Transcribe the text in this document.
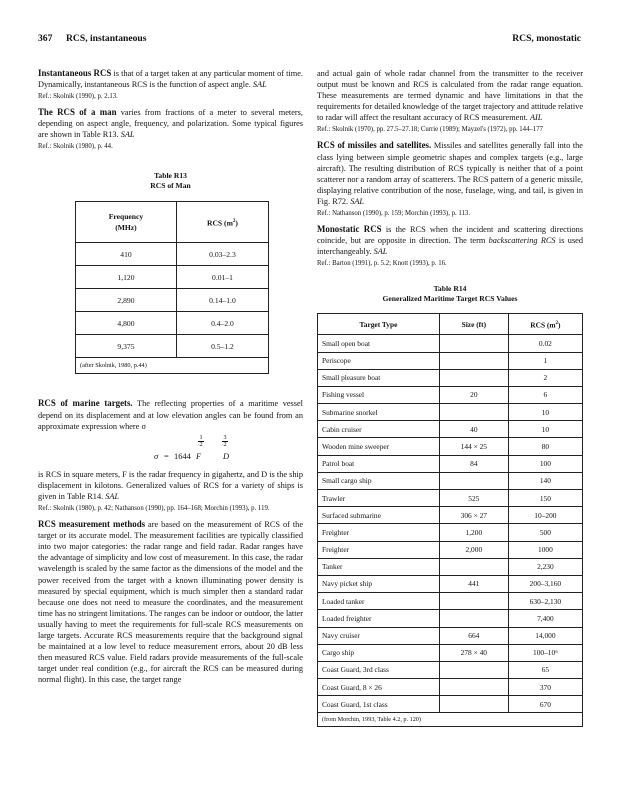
367 RCS, instantaneous	RCS, monostatic

Instantaneous RCS is that of a target taken at any particular moment of time. Dynamically, instantaneous RCS is the function of aspect angle. SAL

Ref.: Skolnik (1990), p. 2.13.

The RCS of a man varies from fractions of a meter to several meters, depending on aspect angle, frequency, and polarization. Some typical figures are shown in Table R13. SAL

Ref.: Skolnik (1980), p. 44.

Table R13
RCS of Man
Frequency
(MHz)	RCS $(m^2)$
410	0.03–2.3
1,120	0.01–1
2,890	0.14–1.0
4,800	0.4–2.0
9,375	0.5–1.2
(after Skolnik, 1980, p.44)	

RCS of marine targets. The reflecting properties of a maritime vessel depend on its displacement and at low elevation angles can be found from an approximate expression where σ

σ = 1644 F	D
1
2
3
2

is RCS in square meters, F is the radar frequency in gigahertz, and D is the ship displacement in kilotons. Generalized values of RCS for a variety of ships is given in Table R14. SAL

Ref.: Skolnik (1980), p. 42; Nathanson (1990), pp. 164–168; Morchin (1993), p. 119.

RCS measurement methods are based on the measurement of RCS of the target or its accurate model. The measurement facilities are typically classified into two major categories: the radar range and field radar. Radar ranges have the advantage of simplicity and low cost of measurement. In this case, the radar wavelength is scaled by the same factor as the dimensions of the model and the power received from the target with a known illuminating power density is measured by special equipment, which is much simpler then a standard radar because one does not need to measure the coordinates, and the measurement time has no stringent limitations. The ranges can be indoor or outdoor, the latter usually having to meet the requirements for full-scale RCS measurements on large targets. Accurate RCS measurements require that the background signal be maintained at a low level to reduce measurement errors, about 20 dB less then measured RCS value. Field radars provide measurements of the full-scale target under real condition (e.g., for aircraft the RCS can be measured during normal flight). In this case, the target range

and actual gain of whole radar channel from the transmitter to the receiver output must be known and RCS is calculated from the radar range equation. These measurements are termed dynamic and have limitations in that the requirements for detailed knowledge of the target trajectory and attitude relative to radar will affect the resultant accuracy of RCS measurement. AIL

Ref.: Skolnik (1970), pp. 27.5–27.18; Currie (1989); Mayzel's (1972), pp. 144–177

RCS of missiles and satellites. Missiles and satellites generally fall into the class lying between simple geometric shapes and complex targets (e.g., large aircraft). The resulting distribution of RCS typically is neither that of a point scatterer nor a random array of scatterers. The RCS pattern of a generic missile, displaying relative contribution of the nose, fuselage, wing, and tail, is given in Fig. R72. SAL

Ref.: Nathanson (1990), p. 159; Morchin (1993), p. 113.

Monostatic RCS is the RCS when the incident and scattering directions coincide, but are opposite in direction. The term backscattering RCS is used interchangeably. SAL

Ref.: Barton (1991), p. 5.2; Knott (1993), p. 16.

Table R14
Generalized Maritime Target RCS Values
Target Type	Size (ft)	RCS $(m^2)$
Small open boat		0.02
Periscope		1
Small pleasure boat		2
Fishing vessel	20	6
Submarine snorkel		10
Cabin cruiser	40	10
Wooden mine sweeper	144 × 25	80
Patrol boat	84	100
Small cargo ship		140
Trawler	525	150
Surfaced submarine	306 × 27	10–200
Freighter	1,200	500
Freighter	2,000	1000
Tanker		2,230
Navy picket ship	441	200–3,160
Loaded tanker		630–2,130
Loaded freighter		7,400
Navy cruiser	664	14,000
Cargo ship	278 × 40	100–10⁶
Coast Guard, 3rd class		65
Coast Guard, 8 × 26		370
Coast Guard, 1st class		670
(from Morchin, 1993, Table 4.2, p. 120)		
